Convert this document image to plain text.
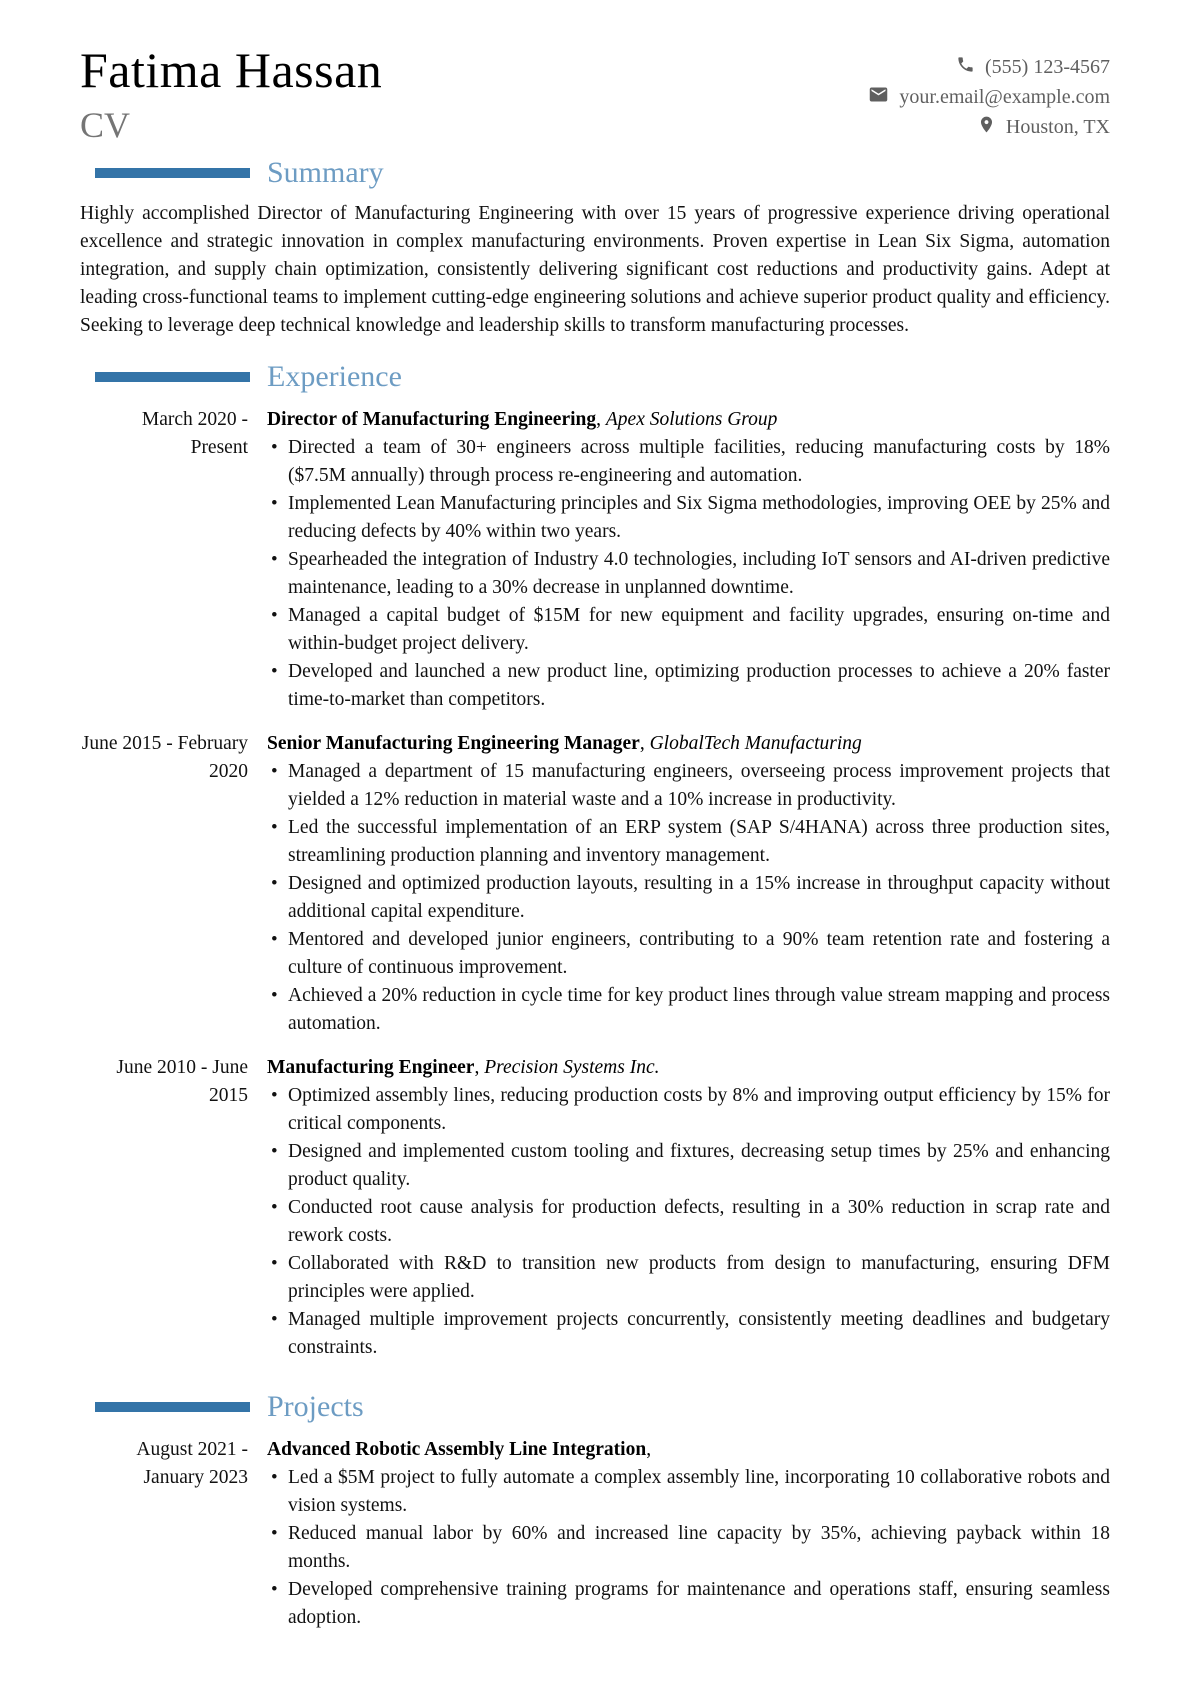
Fatima Hassan
CV
(555) 123-4567
your.email@example.com
Houston, TX
Summary

Highly accomplished Director of Manufacturing Engineering with over 15 years of progressive experience driving operational excellence and strategic innovation in complex manufacturing environments. Proven expertise in Lean Six Sigma, automation integration, and supply chain optimization, consistently delivering significant cost reductions and productivity gains. Adept at leading cross-functional teams to implement cutting-edge engineering solutions and achieve superior product quality and efficiency. Seeking to leverage deep technical knowledge and leadership skills to transform manufacturing processes.

Experience
March 2020 - Present
Director of Manufacturing Engineering, Apex Solutions Group
• Directed a team of 30+ engineers across multiple facilities, reducing manufacturing costs by 18% ($7.5M annually) through process re-engineering and automation.
• Implemented Lean Manufacturing principles and Six Sigma methodologies, improving OEE by 25% and reducing defects by 40% within two years.
• Spearheaded the integration of Industry 4.0 technologies, including IoT sensors and AI-driven predictive maintenance, leading to a 30% decrease in unplanned downtime.
• Managed a capital budget of $15M for new equipment and facility upgrades, ensuring on-time and within-budget project delivery.
• Developed and launched a new product line, optimizing production processes to achieve a 20% faster time-to-market than competitors.
June 2015 - February 2020
Senior Manufacturing Engineering Manager, GlobalTech Manufacturing
• Managed a department of 15 manufacturing engineers, overseeing process improvement projects that yielded a 12% reduction in material waste and a 10% increase in productivity.
• Led the successful implementation of an ERP system (SAP S/4HANA) across three production sites, streamlining production planning and inventory management.
• Designed and optimized production layouts, resulting in a 15% increase in throughput capacity without additional capital expenditure.
• Mentored and developed junior engineers, contributing to a 90% team retention rate and fostering a culture of continuous improvement.
• Achieved a 20% reduction in cycle time for key product lines through value stream mapping and process automation.
June 2010 - June 2015
Manufacturing Engineer, Precision Systems Inc.
• Optimized assembly lines, reducing production costs by 8% and improving output efficiency by 15% for critical components.
• Designed and implemented custom tooling and fixtures, decreasing setup times by 25% and enhancing product quality.
• Conducted root cause analysis for production defects, resulting in a 30% reduction in scrap rate and rework costs.
• Collaborated with R&D to transition new products from design to manufacturing, ensuring DFM principles were applied.
• Managed multiple improvement projects concurrently, consistently meeting deadlines and budgetary constraints.
Projects
August 2021 - January 2023
Advanced Robotic Assembly Line Integration,
• Led a $5M project to fully automate a complex assembly line, incorporating 10 collaborative robots and vision systems.
• Reduced manual labor by 60% and increased line capacity by 35%, achieving payback within 18 months.
• Developed comprehensive training programs for maintenance and operations staff, ensuring seamless adoption.
